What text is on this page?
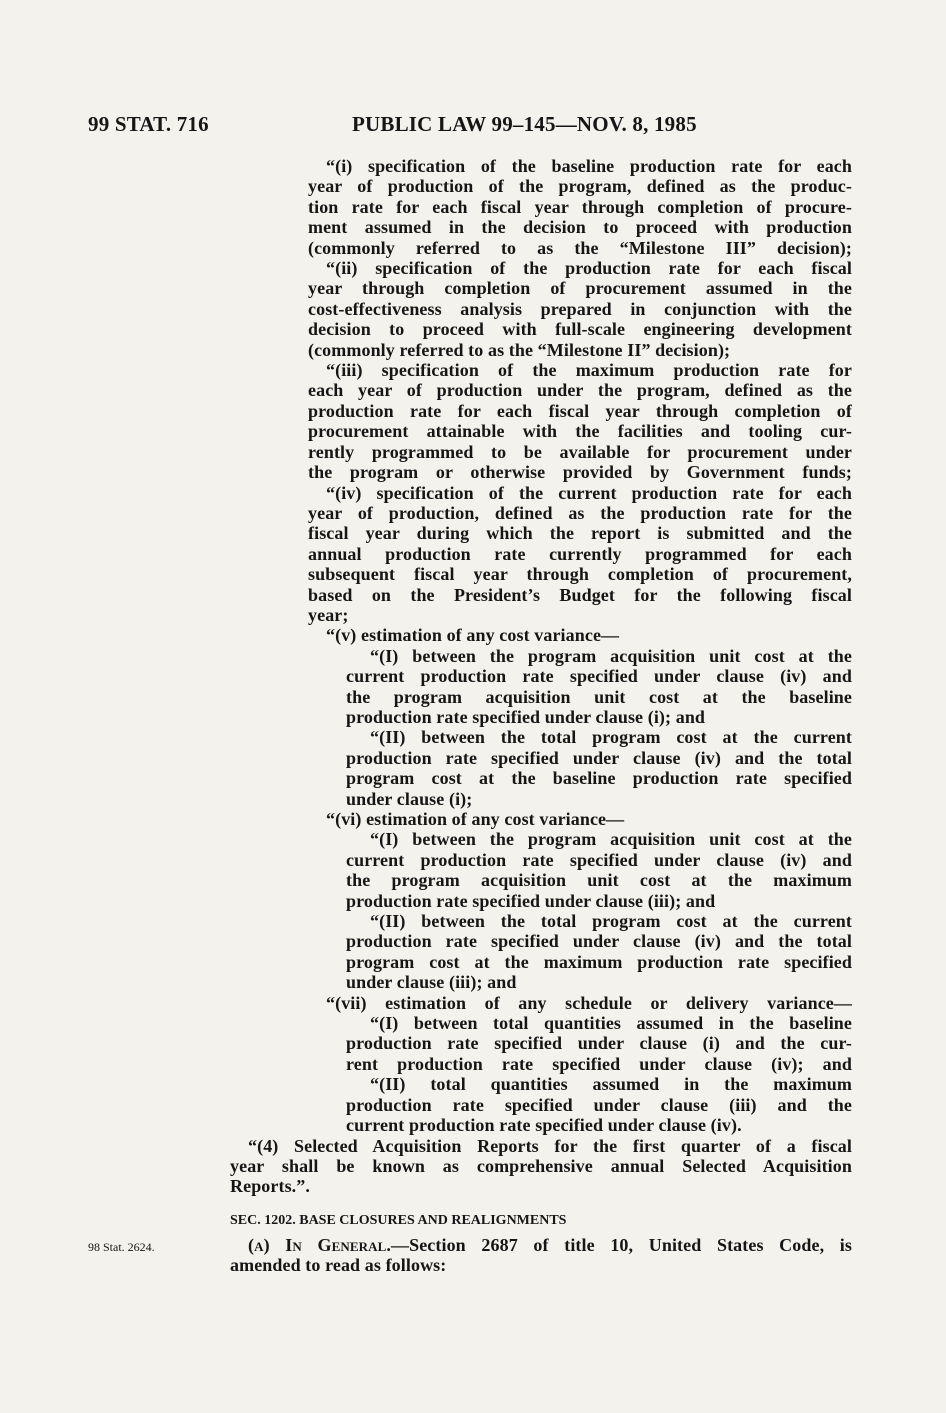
99 STAT. 716	PUBLIC LAW 99–145—NOV. 8, 1985
98 Stat. 2624.
“(i) specification of the baseline production rate for each
year of production of the program, defined as the produc-
tion rate for each fiscal year through completion of procure-
ment assumed in the decision to proceed with production
(commonly referred to as the “Milestone III” decision);
“(ii) specification of the production rate for each fiscal
year through completion of procurement assumed in the
cost-effectiveness analysis prepared in conjunction with the
decision to proceed with full-scale engineering development
(commonly referred to as the “Milestone II” decision);
“(iii) specification of the maximum production rate for
each year of production under the program, defined as the
production rate for each fiscal year through completion of
procurement attainable with the facilities and tooling cur-
rently programmed to be available for procurement under
the program or otherwise provided by Government funds;
“(iv) specification of the current production rate for each
year of production, defined as the production rate for the
fiscal year during which the report is submitted and the
annual production rate currently programmed for each
subsequent fiscal year through completion of procurement,
based on the President’s Budget for the following fiscal
year;
“(v) estimation of any cost variance—
“(I) between the program acquisition unit cost at the
current production rate specified under clause (iv) and
the program acquisition unit cost at the baseline
production rate specified under clause (i); and
“(II) between the total program cost at the current
production rate specified under clause (iv) and the total
program cost at the baseline production rate specified
under clause (i);
“(vi) estimation of any cost variance—
“(I) between the program acquisition unit cost at the
current production rate specified under clause (iv) and
the program acquisition unit cost at the maximum
production rate specified under clause (iii); and
“(II) between the total program cost at the current
production rate specified under clause (iv) and the total
program cost at the maximum production rate specified
under clause (iii); and
“(vii) estimation of any schedule or delivery variance—
“(I) between total quantities assumed in the baseline
production rate specified under clause (i) and the cur-
rent production rate specified under clause (iv); and
“(II) total quantities assumed in the maximum
production rate specified under clause (iii) and the
current production rate specified under clause (iv).
“(4) Selected Acquisition Reports for the first quarter of a fiscal
year shall be known as comprehensive annual Selected Acquisition
Reports.”.
SEC. 1202. BASE CLOSURES AND REALIGNMENTS
(a) In General.—Section 2687 of title 10, United States Code, is
amended to read as follows:
